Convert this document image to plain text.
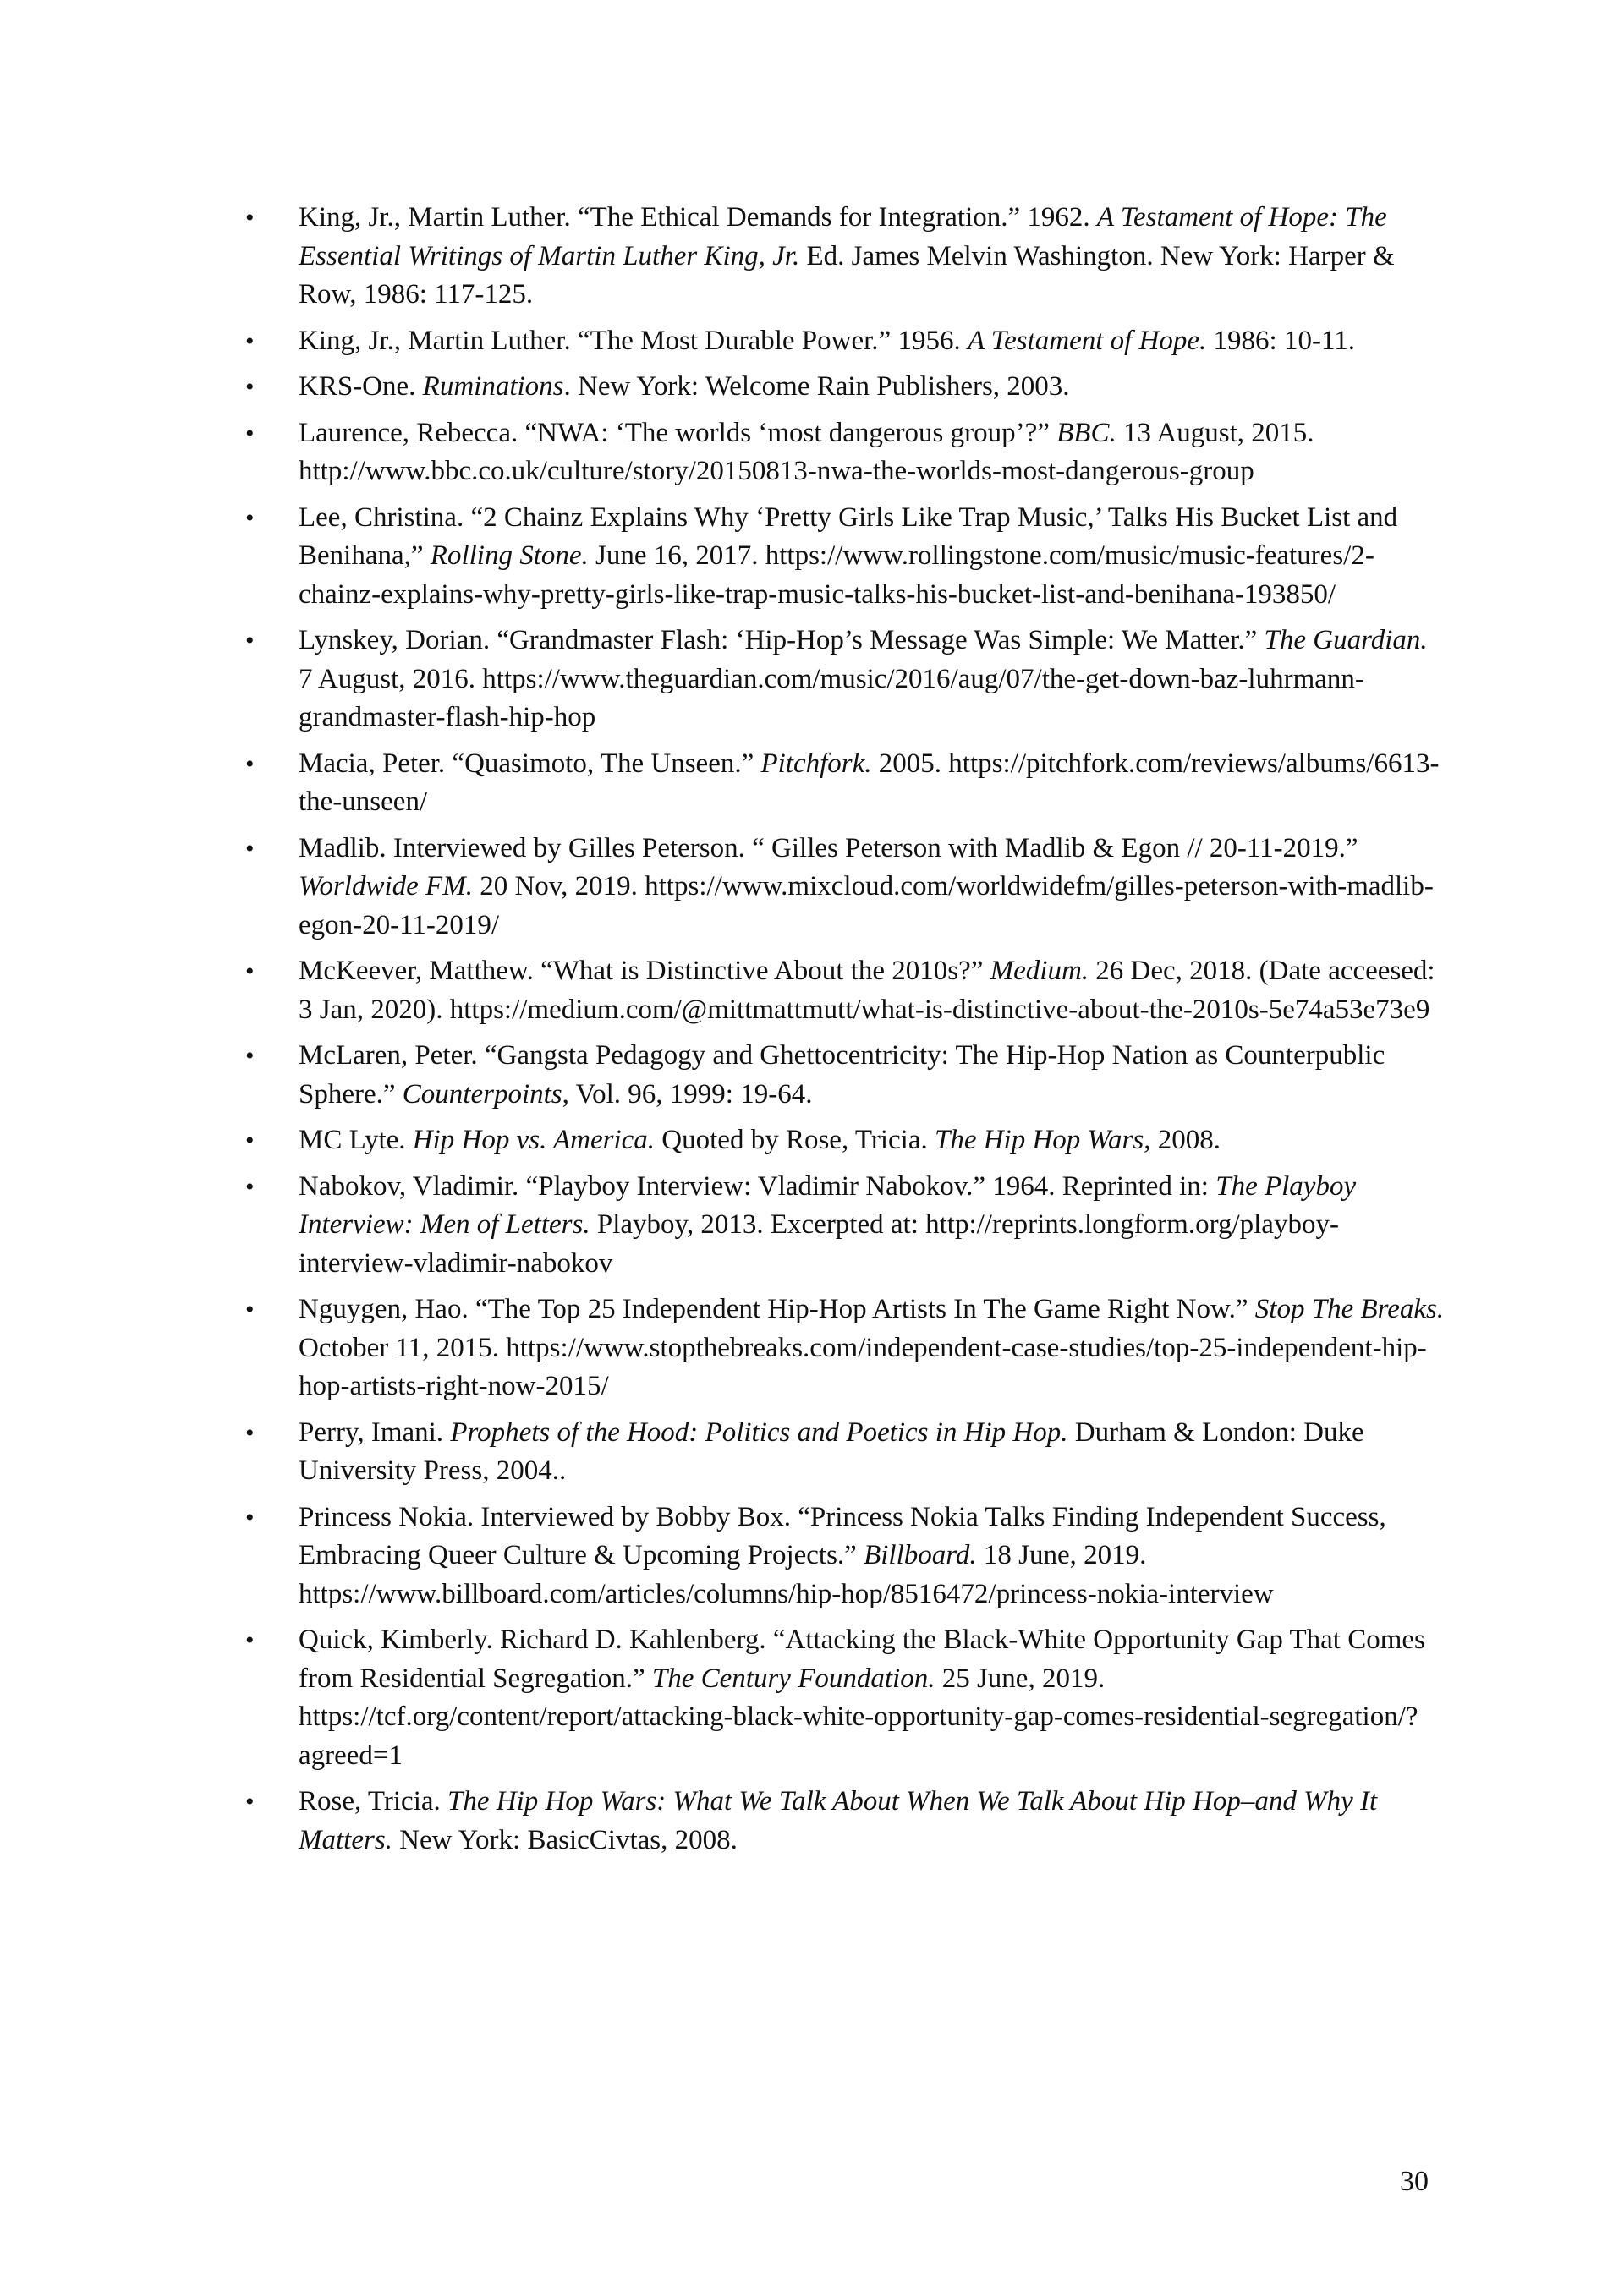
• King, Jr., Martin Luther. “The Ethical Demands for Integration.” 1962. A Testament of Hope: The Essential Writings of Martin Luther King, Jr. Ed. James Melvin Washington. New York: Harper & Row, 1986: 117-125.
• King, Jr., Martin Luther. “The Most Durable Power.” 1956. A Testament of Hope. 1986: 10-11.
• KRS-One. Ruminations. New York: Welcome Rain Publishers, 2003.
• Laurence, Rebecca. “NWA: ‘The worlds ‘most dangerous group’?” BBC. 13 August, 2015. http://www.bbc.co.uk/culture/story/20150813-nwa-the-worlds-most-dangerous-group
• Lee, Christina. “2 Chainz Explains Why ‘Pretty Girls Like Trap Music,’ Talks His Bucket List and Benihana,” Rolling Stone. June 16, 2017. https://www.rollingstone.com/music/music-features/2-chainz-explains-why-pretty-girls-like-trap-music-talks-his-bucket-list-and-benihana-193850/
• Lynskey, Dorian. “Grandmaster Flash: ‘Hip-Hop’s Message Was Simple: We Matter.” The Guardian. 7 August, 2016. https://www.theguardian.com/music/2016/aug/07/the-get-down-baz-luhrmann-grandmaster-flash-hip-hop
• Macia, Peter. “Quasimoto, The Unseen.” Pitchfork. 2005. https://pitchfork.com/reviews/albums/6613-the-unseen/
• Madlib. Interviewed by Gilles Peterson. “ Gilles Peterson with Madlib & Egon // 20-11-2019.” Worldwide FM. 20 Nov, 2019. https://www.mixcloud.com/worldwidefm/gilles-peterson-with-madlib-egon-20-11-2019/
• McKeever, Matthew. “What is Distinctive About the 2010s?” Medium. 26 Dec, 2018. (Date acceesed: 3 Jan, 2020). https://medium.com/@mittmattmutt/what-is-distinctive-about-the-2010s-5e74a53e73e9
• McLaren, Peter. “Gangsta Pedagogy and Ghettocentricity: The Hip-Hop Nation as Counterpublic Sphere.” Counterpoints, Vol. 96, 1999: 19-64.
• MC Lyte. Hip Hop vs. America. Quoted by Rose, Tricia. The Hip Hop Wars, 2008.
• Nabokov, Vladimir. “Playboy Interview: Vladimir Nabokov.” 1964. Reprinted in: The Playboy Interview: Men of Letters. Playboy, 2013. Excerpted at: http://reprints.longform.org/playboy-interview-vladimir-nabokov
• Nguygen, Hao. “The Top 25 Independent Hip-Hop Artists In The Game Right Now.” Stop The Breaks. October 11, 2015. https://www.stopthebreaks.com/independent-case-studies/top-25-independent-hip-hop-artists-right-now-2015/
• Perry, Imani. Prophets of the Hood: Politics and Poetics in Hip Hop. Durham & London: Duke University Press, 2004..
• Princess Nokia. Interviewed by Bobby Box. “Princess Nokia Talks Finding Independent Success, Embracing Queer Culture & Upcoming Projects.” Billboard. 18 June, 2019. https://www.billboard.com/articles/columns/hip-hop/8516472/princess-nokia-interview
• Quick, Kimberly. Richard D. Kahlenberg. “Attacking the Black-White Opportunity Gap That Comes from Residential Segregation.” The Century Foundation. 25 June, 2019. https://tcf.org/content/report/attacking-black-white-opportunity-gap-comes-residential-segregation/?agreed=1
• Rose, Tricia. The Hip Hop Wars: What We Talk About When We Talk About Hip Hop–and Why It Matters. New York: BasicCivtas, 2008.
30
